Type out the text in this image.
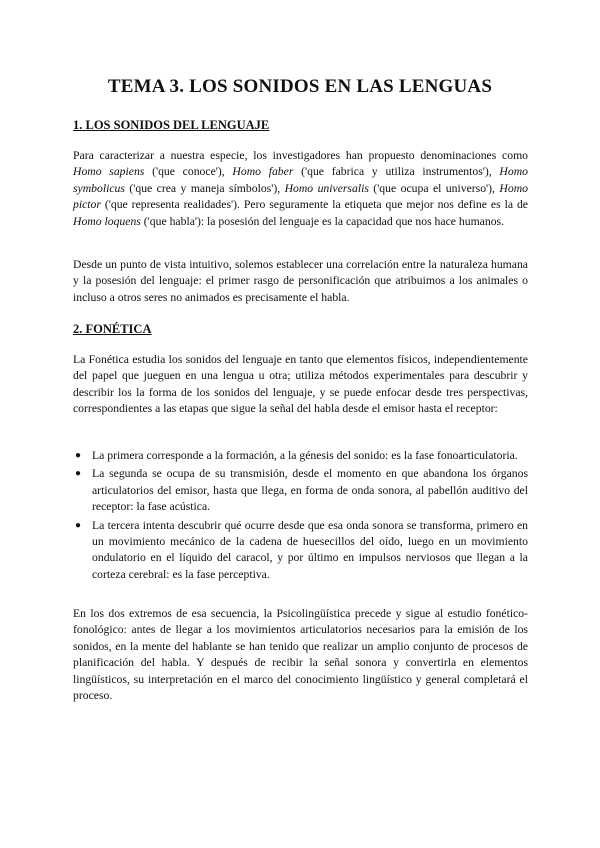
TEMA 3. LOS SONIDOS EN LAS LENGUAS
1. LOS SONIDOS DEL LENGUAJE

Para caracterizar a nuestra especie, los investigadores han propuesto denominaciones como Homo sapiens ('que conoce'), Homo faber ('que fabrica y utiliza instrumentos'), Homo symbolicus ('que crea y maneja símbolos'), Homo universalis ('que ocupa el universo'), Homo pictor ('que representa realidades'). Pero seguramente la etiqueta que mejor nos define es la de Homo loquens ('que habla'): la posesión del lenguaje es la capacidad que nos hace humanos.

Desde un punto de vista intuitivo, solemos establecer una correlación entre la naturaleza humana y la posesión del lenguaje: el primer rasgo de personificación que atribuimos a los animales o incluso a otros seres no animados es precisamente el habla.

2. FONÉTICA

La Fonética estudia los sonidos del lenguaje en tanto que elementos físicos, independientemente del papel que jueguen en una lengua u otra; utiliza métodos experimentales para descubrir y describir los la forma de los sonidos del lenguaje, y se puede enfocar desde tres perspectivas, correspondientes a las etapas que sigue la señal del habla desde el emisor hasta el receptor:

● La primera corresponde a la formación, a la génesis del sonido: es la fase fonoarticulatoria.
● La segunda se ocupa de su transmisión, desde el momento en que abandona los órganos articulatorios del emisor, hasta que llega, en forma de onda sonora, al pabellón auditivo del receptor: la fase acústica.
● La tercera intenta descubrir qué ocurre desde que esa onda sonora se transforma, primero en un movimiento mecánico de la cadena de huesecillos del oído, luego en un movimiento ondulatorio en el líquido del caracol, y por último en impulsos nerviosos que llegan a la corteza cerebral: es la fase perceptiva.

En los dos extremos de esa secuencia, la Psicolingüística precede y sigue al estudio fonético-fonológico: antes de llegar a los movimientos articulatorios necesarios para la emisión de los sonidos, en la mente del hablante se han tenido que realizar un amplio conjunto de procesos de planificación del habla. Y después de recibir la señal sonora y convertirla en elementos lingüísticos, su interpretación en el marco del conocimiento lingüístico y general completará el proceso.
